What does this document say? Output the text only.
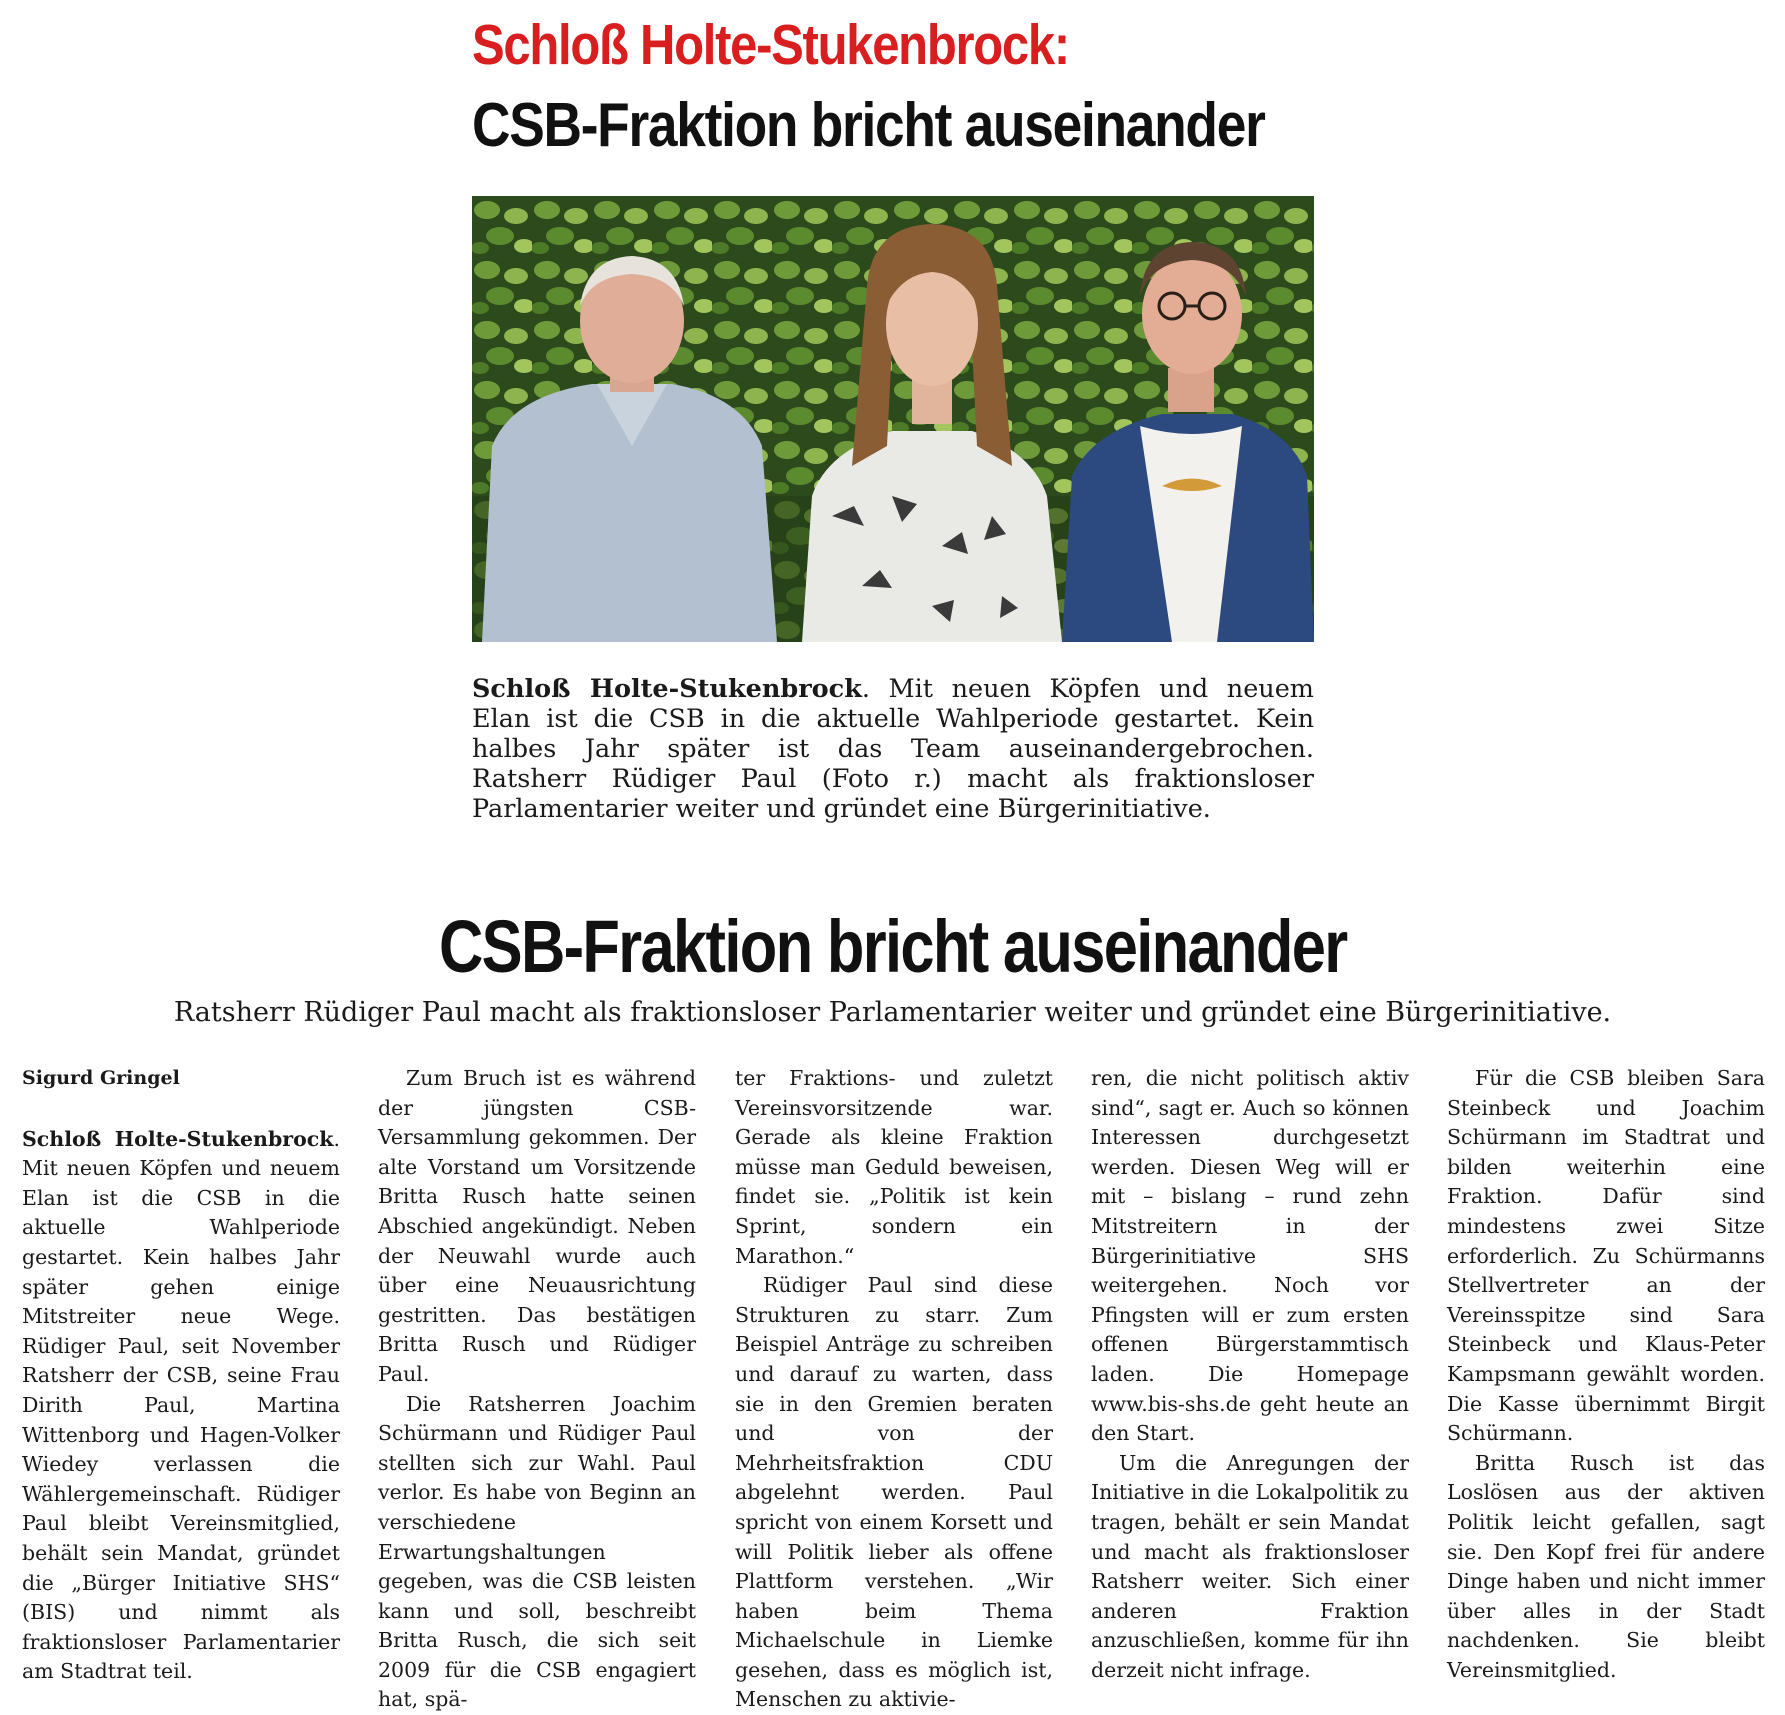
Schloß Holte-Stukenbrock:
CSB-Fraktion bricht auseinander
Schloß Holte-Stukenbrock. Mit neuen Köpfen und neuem Elan ist die CSB in die aktuelle Wahlperiode gestartet. Kein halbes Jahr später ist das Team auseinandergebrochen. Ratsherr Rüdiger Paul (Foto r.) macht als fraktionsloser Parlamentarier weiter und gründet eine Bürgerinitiative.
CSB-Fraktion bricht auseinander
Ratsherr Rüdiger Paul macht als fraktionsloser Parlamentarier weiter und gründet eine Bürgerinitiative.
Sigurd Gringel

Schloß Holte-Stukenbrock. Mit neuen Köpfen und neuem Elan ist die CSB in die aktuelle Wahlperiode gestartet. Kein halbes Jahr später gehen einige Mitstreiter neue Wege. Rüdiger Paul, seit November Ratsherr der CSB, seine Frau Dirith Paul, Martina Wittenborg und Hagen-Volker Wiedey verlassen die Wählergemeinschaft. Rüdiger Paul bleibt Vereinsmitglied, behält sein Mandat, gründet die „Bürger Initiative SHS“ (BIS) und nimmt als fraktionsloser Parlamentarier am Stadtrat teil.

Zum Bruch ist es während der jüngsten CSB-Versammlung gekommen. Der alte Vorstand um Vorsitzende Britta Rusch hatte seinen Abschied angekündigt. Neben der Neuwahl wurde auch über eine Neuausrichtung gestritten. Das bestätigen Britta Rusch und Rüdiger Paul.

Die Ratsherren Joachim Schürmann und Rüdiger Paul stellten sich zur Wahl. Paul verlor. Es habe von Beginn an verschiedene Erwartungshaltungen gegeben, was die CSB leisten kann und soll, beschreibt Britta Rusch, die sich seit 2009 für die CSB engagiert hat, spä-

ter Fraktions- und zuletzt Vereinsvorsitzende war. Gerade als kleine Fraktion müsse man Geduld beweisen, findet sie. „Politik ist kein Sprint, sondern ein Marathon.“

Rüdiger Paul sind diese Strukturen zu starr. Zum Beispiel Anträge zu schreiben und darauf zu warten, dass sie in den Gremien beraten und von der Mehrheitsfraktion CDU abgelehnt werden. Paul spricht von einem Korsett und will Politik lieber als offene Plattform verstehen. „Wir haben beim Thema Michaelschule in Liemke gesehen, dass es möglich ist, Menschen zu aktivie-

ren, die nicht politisch aktiv sind“, sagt er. Auch so können Interessen durchgesetzt werden. Diesen Weg will er mit – bislang – rund zehn Mitstreitern in der Bürgerinitiative SHS weitergehen. Noch vor Pfingsten will er zum ersten offenen Bürgerstammtisch laden. Die Homepage www.bis-shs.de geht heute an den Start.

Um die Anregungen der Initiative in die Lokalpolitik zu tragen, behält er sein Mandat und macht als fraktionsloser Ratsherr weiter. Sich einer anderen Fraktion anzuschließen, komme für ihn derzeit nicht infrage.

Für die CSB bleiben Sara Steinbeck und Joachim Schürmann im Stadtrat und bilden weiterhin eine Fraktion. Dafür sind mindestens zwei Sitze erforderlich. Zu Schürmanns Stellvertreter an der Vereinsspitze sind Sara Steinbeck und Klaus-Peter Kampsmann gewählt worden. Die Kasse übernimmt Birgit Schürmann.

Britta Rusch ist das Loslösen aus der aktiven Politik leicht gefallen, sagt sie. Den Kopf frei für andere Dinge haben und nicht immer über alles in der Stadt nachdenken. Sie bleibt Vereinsmitglied.
